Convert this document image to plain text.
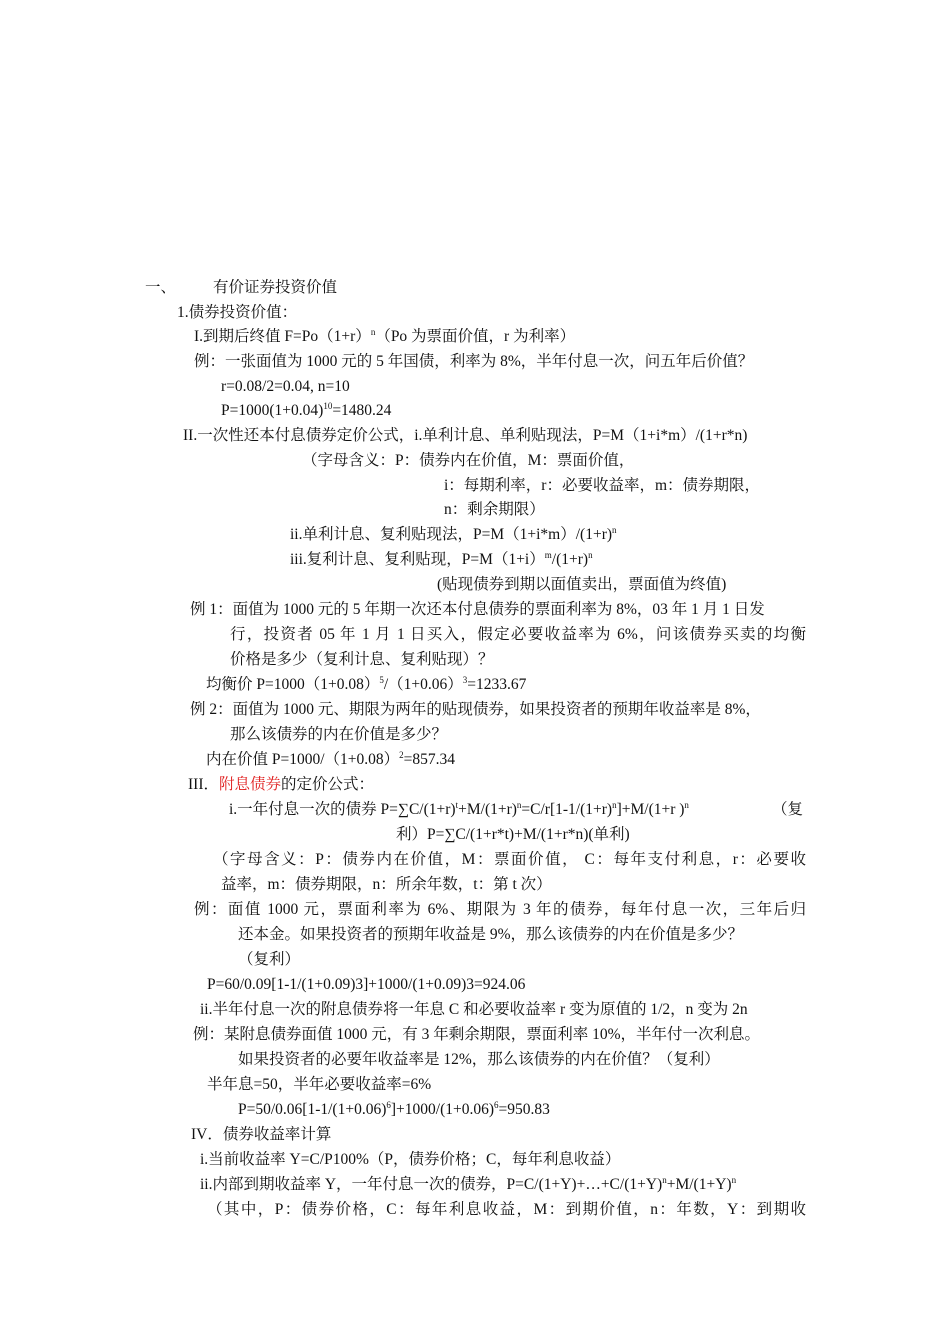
一、 有价证券投资价值
1.债券投资价值：
I.到期后终值 $F=Po(1+r)^n(Po$ 为票面价值，r 为利率）
例：一张面值为 1000 元的 5 年国债，利率为 8%，半年付息一次，问五年后价值？
r=0.08/2=0.04, n=10
$P=1000(1+0.04)^{10}=1480.24$
II.一次性还本付息债券定价公式，i.单利计息、单利贴现法，P=M（1+i*m）/(1+r*n)
（字母含义：P：债券内在价值，M：票面价值，
i：每期利率，r：必要收益率，m：债券期限，
n：剩余期限）
ii.单利计息、复利贴现法，$P=M(1+i*m)/(1+r)^n$
iii.复利计息、复利贴现，$P=M(1+i)^m/(1+r)^n$
(贴现债券到期以面值卖出，票面值为终值)
例 1：面值为 1000 元的 5 年期一次还本付息债券的票面利率为 8%，03 年 1 月 1 日发
行，投资者 05 年 1 月 1 日买入，假定必要收益率为 6%，问该债券买卖的均衡
价格是多少（复利计息、复利贴现）？
均衡价 $P=1000(1+0.08)^5/(1+0.06)^3=1233.67$
例 2：面值为 1000 元、期限为两年的贴现债券，如果投资者的预期年收益率是 8%，
那么该债券的内在价值是多少？
内在价值 $P=1000/(1+0.08)^2=857.34$
III．附息债券的定价公式：
i.一年付息一次的债券 $P=\sum C/(1+r)^t+M/(1+r)^n=C/r[1-1/(1+r)^n]+M/(1+r$ )$^n$	（复
利）P=∑C/(1+r*t)+M/(1+r*n)(单利)
（字母含义：P：债券内在价值，M：票面价值， C：每年支付利息，r：必要收
益率，m：债券期限，n：所余年数，t：第 t 次）
例：面值 1000 元，票面利率为 6%、期限为 3 年的债券，每年付息一次，三年后归
还本金。如果投资者的预期年收益是 9%，那么该债券的内在价值是多少？
（复利）
P=60/0.09[1-1/(1+0.09)3]+1000/(1+0.09)3=924.06
ii.半年付息一次的附息债券将一年息 C 和必要收益率 r 变为原值的 1/2，n 变为 2n
例：某附息债券面值 1000 元，有 3 年剩余期限，票面利率 10%，半年付一次利息。
如果投资者的必要年收益率是 12%，那么该债券的内在价值？（复利）
半年息=50，半年必要收益率=6%
$P=50/0.06[1-1/(1+0.06)^6]+1000/(1+0.06)^6=950.83$
IV．债券收益率计算
i.当前收益率 Y=C/P100%（P，债券价格；C，每年利息收益）
ii.内部到期收益率 Y，一年付息一次的债券，$P=C/(1+Y)+\dots+C/(1+Y)^n+M/(1+Y)^n$
（其中，P：债券价格，C：每年利息收益，M：到期价值，n：年数，Y：到期收
